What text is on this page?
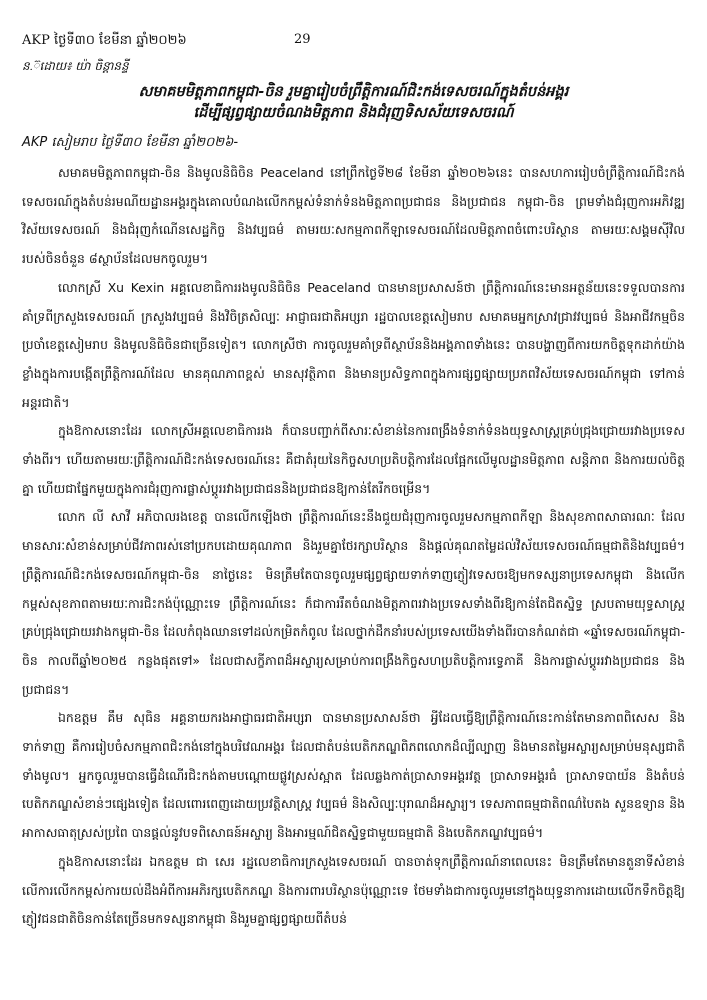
AKP ថ្ងៃទី៣០ ខែមីនា ឆ្នាំ២០២៦	29
ន.៊ដោយ៖ យ៉ា ចិន្តានន្ទី
សមាគមមិត្តភាពកម្ពុជា-ចិន រួមគ្នារៀបចំព្រឹត្តិការណ៍ជិះកង់ទេសចរណ៍ក្នុងតំបន់អង្គរ
ដើម្បីផ្សព្វផ្សាយចំណងមិត្តភាព និងជំរុញទិសស័យទេសចរណ៍
AKP សៀមរាប ថ្ងៃទី៣០ ខែមីនា ឆ្នាំ២០២៦-

សមាគមមិត្តភាពកម្ពុជា-ចិន និងមូលនិធិចិន Peaceland នៅព្រឹកថ្ងៃទី២៨ ខែមីនា ឆ្នាំ២០២៦នេះ បានសហការរៀបចំព្រឹត្តិការណ៍ជិះកង់ទេសចរណ៍ក្នុងតំបន់រមណីយដ្ឋានអង្គរក្នុងគោលបំណងលើកកម្ពស់ទំនាក់ទំនងមិត្តភាពប្រជាជន និងប្រជាជន កម្ពុជា-ចិន ព្រមទាំងជំរុញការអភិវឌ្ឍវិស័យទេសចរណ៍ និងជំរុញកំណើនសេដ្ឋកិច្ច និងវប្បធម៌ តាមរយៈសកម្មភាពកីឡាទេសចរណ៍ដែលមិត្តភាពចំពោះបរិស្ថាន តាមរយៈសង្គមស៊ីវិលរបស់ចិនចំនួន ៨ស្ថាប័នដែលមកចូលរួម។

លោកស្រី Xu Kexin អគ្គលេខាធិការរងមូលនិធិចិន Peaceland បានមានប្រសាសន៍ថា ព្រឹត្តិការណ៍នេះមានអត្ថន័យនេះទទួលបានការគាំទ្រពីក្រសួងទេសចរណ៍ ក្រសួងវប្បធម៌ និងវិចិត្រសិល្បៈ អាជ្ញាធរជាតិអប្សរា រដ្ឋបាលខេត្តសៀមរាប សមាគមអ្នកស្រាវជ្រាវវប្បធម៌ និងអាជីវកម្មចិនប្រចាំខេត្តសៀមរាប និងមូលនិធិចិនជាច្រើនទៀត។ លោកស្រីថា ការចូលរួមគាំទ្រពីស្ថាប័ននិងអង្គភាពទាំងនេះ បានបង្ហាញពីការយកចិត្តទុកដាក់យ៉ាងខ្លាំងក្នុងការបង្កើតព្រឹត្តិការណ៍ដែល មានគុណភាពខ្ពស់ មានសុវត្ថិភាព និងមានប្រសិទ្ធភាពក្នុងការផ្សព្វផ្សាយប្រភពវិស័យទេសចរណ៍កម្ពុជា ទៅកាន់អន្តរជាតិ។

ក្នុងឱកាសនោះដែរ លោកស្រីអគ្គលេខាធិការរង ក៏បានបញ្ជាក់ពីសារៈសំខាន់នៃការពង្រឹងទំនាក់ទំនងយុទ្ធសាស្ត្រគ្រប់ជ្រុងជ្រោយរវាងប្រទេសទាំងពីរ។ ហើយតាមរយៈព្រឹត្តិការណ៍ជិះកង់ទេសចរណ៍នេះ គឺជាតំរុយនៃកិច្ចសហប្រតិបត្តិការដែលផ្អែកលើមូលដ្ឋានមិត្តភាព សន្តិភាព និងការយល់ចិត្តគ្នា ហើយជាផ្នែកមួយក្នុងការជំរុញការផ្លាស់ប្តូររវាងប្រជាជននិងប្រជាជនឱ្យកាន់តែរីកចម្រើន។

លោក លី សាវី អភិបាលរងខេត្ត បានលើកឡើងថា ព្រឹត្តិការណ៍នេះនឹងជួយជំរុញការចូលរួមសកម្មភាពកីឡា និងសុខភាពសាធារណៈ ដែលមានសារៈសំខាន់សម្រាប់ជីវភាពរស់នៅប្រកបដោយគុណភាព និងរួមគ្នាថែរក្សាបរិស្ថាន និងផ្តល់គុណតម្លៃដល់វិស័យទេសចរណ៍ធម្មជាតិនិងវប្បធម៌។ ព្រឹត្តិការណ៍ជិះកង់ទេសចរណ៍កម្ពុជា-ចិន នាថ្ងៃនេះ មិនត្រឹមតែបានចូលរួមផ្សព្វផ្សាយទាក់ទាញភ្ញៀវទេសចរឱ្យមកទស្សនាប្រទេសកម្ពុជា និងលើកកម្ពស់សុខភាពតាមរយៈការជិះកង់ប៉ុណ្ណោះទេ ព្រឹត្តិការណ៍នេះ ក៏ជាការរឹតចំណងមិត្តភាពរវាងប្រទេសទាំងពីរឱ្យកាន់តែជិតស្និទ្ធ ស្របតាមយុទ្ធសាស្ត្រគ្រប់ជ្រុងជ្រោយរវាងកម្ពុជា-ចិន ដែលកំពុងឈានទៅដល់កម្រិតកំពូល ដែលថ្នាក់ដឹកនាំរបស់ប្រទេសយើងទាំងពីរបានកំណត់ជា «ឆ្នាំទេសចរណ៍កម្ពុជា-ចិន កាលពីឆ្នាំ២០២៥ កន្លងផុតទៅ» ដែលជាសក្ខីភាពដ៏អស្ចារ្យសម្រាប់ការពង្រឹងកិច្ចសហប្រតិបត្តិការទ្វេភាគី និងការផ្លាស់ប្តូររវាងប្រជាជន និងប្រជាជន។

ឯកឧត្តម គឹម សុធិន អគ្គនាយករងអាជ្ញាធរជាតិអប្សរា បានមានប្រសាសន៍ថា អ្វីដែលធ្វើឱ្យព្រឹត្តិការណ៍នេះកាន់តែមានភាពពិសេស និងទាក់ទាញ គឺការរៀបចំសកម្មភាពជិះកង់នៅក្នុងបរិវេណអង្គរ ដែលជាតំបន់បេតិកភណ្ឌពិភពលោកដ៏ល្បីល្បាញ និងមានតម្លៃអស្ចារ្យសម្រាប់មនុស្សជាតិទាំងមូល។ អ្នកចូលរួមបានធ្វើដំណើរជិះកង់តាមបណ្តោយផ្លូវស្រស់ស្អាត ដែលឆ្លងកាត់ប្រាសាទអង្គរវត្ត ប្រាសាទអង្គរធំ ប្រាសាទបាយ័ន និងតំបន់បេតិកភណ្ឌសំខាន់ៗផ្សេងទៀត ដែលពោរពេញដោយប្រវត្តិសាស្ត្រ វប្បធម៌ និងសិល្បៈបុរាណដ៏អស្ចារ្យ។ ទេសភាពធម្មជាតិពណ៌បៃតង សួនឧទ្យាន និងអាកាសធាតុស្រស់ប្រពៃ បានផ្តល់នូវបទពិសោធន៍អស្ចារ្យ និងអារម្មណ៍ជិតស្និទ្ធជាមួយធម្មជាតិ និងបេតិកភណ្ឌវប្បធម៌។

ក្នុងឱកាសនោះដែរ ឯកឧត្តម ជា សេរ រដ្ឋលេខាធិការក្រសួងទេសចរណ៍ បានចាត់ទុកព្រឹត្តិការណ៍នាពេលនេះ មិនត្រឹមតែមានតួនាទីសំខាន់លើការលើកកម្ពស់ការយល់ដឹងអំពីការអភិរក្សបេតិកភណ្ឌ និងការពារបរិស្ថានប៉ុណ្ណោះទេ ថែមទាំងជាការចូលរួមនៅក្នុងយុទ្ធនាការដោយលើកទឹកចិត្តឱ្យភ្ញៀវជនជាតិចិនកាន់តែច្រើនមកទស្សនាកម្ពុជា និងរួមគ្នាផ្សព្វផ្សាយពីតំបន់
